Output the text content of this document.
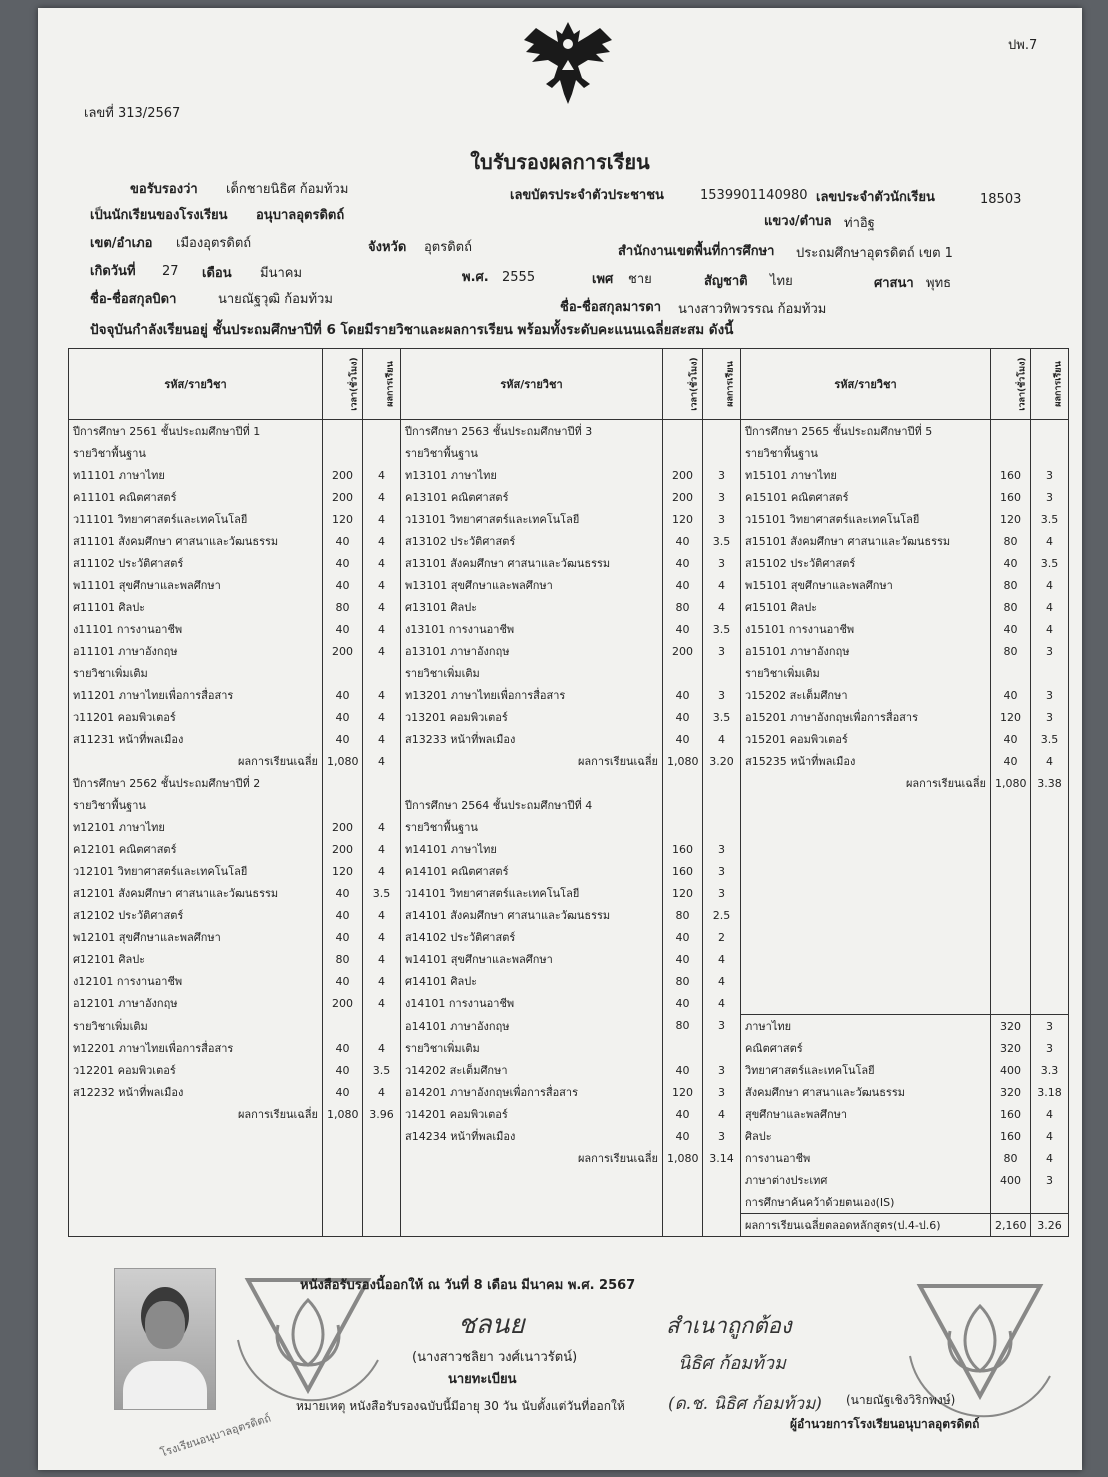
ปพ.7
เลขที่ 313/2567
ใบรับรองผลการเรียน
ขอรับรองว่า เด็กชายนิธิศ ก้อมท้วม	เลขบัตรประจำตัวประชาชน	1539901140980 เลขประจำตัวนักเรียน	18503
เป็นนักเรียนของโรงเรียน อนุบาลอุตรดิตถ์	แขวง/ตำบล ท่าอิฐ
เขต/อำเภอ เมืองอุตรดิตถ์	จังหวัด อุตรดิตถ์	สำนักงานเขตพื้นที่การศึกษา ประถมศึกษาอุตรดิตถ์ เขต 1
เกิดวันที่ 27 เดือน มีนาคม	พ.ศ. 2555	เพศ ชาย	สัญชาติ ไทย	ศาสนา พุทธ
ชื่อ-ชื่อสกุลบิดา	นายณัฐวุฒิ ก้อมท้วม
ชื่อ-ชื่อสกุลมารดา นางสาวทิพวรรณ ก้อมท้วม
ปัจจุบันกำลังเรียนอยู่ ชั้นประถมศึกษาปีที่ 6 โดยมีรายวิชาและผลการเรียน พร้อมทั้งระดับคะแนนเฉลี่ยสะสม ดังนี้
รหัส/รายวิชา	เวลา(ชั่วโมง)	ผลการเรียน	รหัส/รายวิชา	เวลา(ชั่วโมง)	ผลการเรียน	รหัส/รายวิชา	เวลา(ชั่วโมง)	ผลการเรียน
ปีการศึกษา 2561 ชั้นประถมศึกษาปีที่ 1			ปีการศึกษา 2563 ชั้นประถมศึกษาปีที่ 3			ปีการศึกษา 2565 ชั้นประถมศึกษาปีที่ 5		
รายวิชาพื้นฐาน			รายวิชาพื้นฐาน			รายวิชาพื้นฐาน		
ท11101 ภาษาไทย	200	4	ท13101 ภาษาไทย	200	3	ท15101 ภาษาไทย	160	3
ค11101 คณิตศาสตร์	200	4	ค13101 คณิตศาสตร์	200	3	ค15101 คณิตศาสตร์	160	3
ว11101 วิทยาศาสตร์และเทคโนโลยี	120	4	ว13101 วิทยาศาสตร์และเทคโนโลยี	120	3	ว15101 วิทยาศาสตร์และเทคโนโลยี	120	3.5
ส11101 สังคมศึกษา ศาสนาและวัฒนธรรม	40	4	ส13102 ประวัติศาสตร์	40	3.5	ส15101 สังคมศึกษา ศาสนาและวัฒนธรรม	80	4
ส11102 ประวัติศาสตร์	40	4	ส13101 สังคมศึกษา ศาสนาและวัฒนธรรม	40	3	ส15102 ประวัติศาสตร์	40	3.5
พ11101 สุขศึกษาและพลศึกษา	40	4	พ13101 สุขศึกษาและพลศึกษา	40	4	พ15101 สุขศึกษาและพลศึกษา	80	4
ศ11101 ศิลปะ	80	4	ศ13101 ศิลปะ	80	4	ศ15101 ศิลปะ	80	4
ง11101 การงานอาชีพ	40	4	ง13101 การงานอาชีพ	40	3.5	ง15101 การงานอาชีพ	40	4
อ11101 ภาษาอังกฤษ	200	4	อ13101 ภาษาอังกฤษ	200	3	อ15101 ภาษาอังกฤษ	80	3
รายวิชาเพิ่มเติม			รายวิชาเพิ่มเติม			รายวิชาเพิ่มเติม		
ท11201 ภาษาไทยเพื่อการสื่อสาร	40	4	ท13201 ภาษาไทยเพื่อการสื่อสาร	40	3	ว15202 สะเต็มศึกษา	40	3
ว11201 คอมพิวเตอร์	40	4	ว13201 คอมพิวเตอร์	40	3.5	อ15201 ภาษาอังกฤษเพื่อการสื่อสาร	120	3
ส11231 หน้าที่พลเมือง	40	4	ส13233 หน้าที่พลเมือง	40	4	ว15201 คอมพิวเตอร์	40	3.5
ผลการเรียนเฉลี่ย	1,080	4	ผลการเรียนเฉลี่ย	1,080	3.20	ส15235 หน้าที่พลเมือง	40	4
ปีการศึกษา 2562 ชั้นประถมศึกษาปีที่ 2						ผลการเรียนเฉลี่ย	1,080	3.38
รายวิชาพื้นฐาน			ปีการศึกษา 2564 ชั้นประถมศึกษาปีที่ 4					
ท12101 ภาษาไทย	200	4	รายวิชาพื้นฐาน					
ค12101 คณิตศาสตร์	200	4	ท14101 ภาษาไทย	160	3			
ว12101 วิทยาศาสตร์และเทคโนโลยี	120	4	ค14101 คณิตศาสตร์	160	3			
ส12101 สังคมศึกษา ศาสนาและวัฒนธรรม	40	3.5	ว14101 วิทยาศาสตร์และเทคโนโลยี	120	3			
ส12102 ประวัติศาสตร์	40	4	ส14101 สังคมศึกษา ศาสนาและวัฒนธรรม	80	2.5			
พ12101 สุขศึกษาและพลศึกษา	40	4	ส14102 ประวัติศาสตร์	40	2			
ศ12101 ศิลปะ	80	4	พ14101 สุขศึกษาและพลศึกษา	40	4			
ง12101 การงานอาชีพ	40	4	ศ14101 ศิลปะ	80	4			
อ12101 ภาษาอังกฤษ	200	4	ง14101 การงานอาชีพ	40	4			
รายวิชาเพิ่มเติม			อ14101 ภาษาอังกฤษ	80	3	ภาษาไทย	320	3
ท12201 ภาษาไทยเพื่อการสื่อสาร	40	4	รายวิชาเพิ่มเติม			คณิตศาสตร์	320	3
ว12201 คอมพิวเตอร์	40	3.5	ว14202 สะเต็มศึกษา	40	3	วิทยาศาสตร์และเทคโนโลยี	400	3.3
ส12232 หน้าที่พลเมือง	40	4	อ14201 ภาษาอังกฤษเพื่อการสื่อสาร	120	3	สังคมศึกษา ศาสนาและวัฒนธรรม	320	3.18
ผลการเรียนเฉลี่ย	1,080	3.96	ว14201 คอมพิวเตอร์	40	4	สุขศึกษาและพลศึกษา	160	4
			ส14234 หน้าที่พลเมือง	40	3	ศิลปะ	160	4
			ผลการเรียนเฉลี่ย	1,080	3.14	การงานอาชีพ	80	4
						ภาษาต่างประเทศ	400	3
						การศึกษาค้นคว้าด้วยตนเอง(IS)		
						ผลการเรียนเฉลี่ยตลอดหลักสูตร(ป.4-ป.6)	2,160	3.26
หนังสือรับรองนี้ออกให้ ณ วันที่ 8 เดือน มีนาคม พ.ศ. 2567
ชลนย	สำเนาถูกต้อง
(นางสาวชลิยา วงศ์เนาวรัตน์)	นิธิศ ก้อมท้วม
นายทะเบียน
หมายเหตุ หนังสือรับรองฉบับนี้มีอายุ 30 วัน นับตั้งแต่วันที่ออกให้	(ด.ช. นิธิศ ก้อมท้วม) (นายณัฐเชิงวิริกพงษ์)
ผู้อำนวยการโรงเรียนอนุบาลอุตรดิตถ์
โรงเรียนอนุบาลอุตรดิตถ์
